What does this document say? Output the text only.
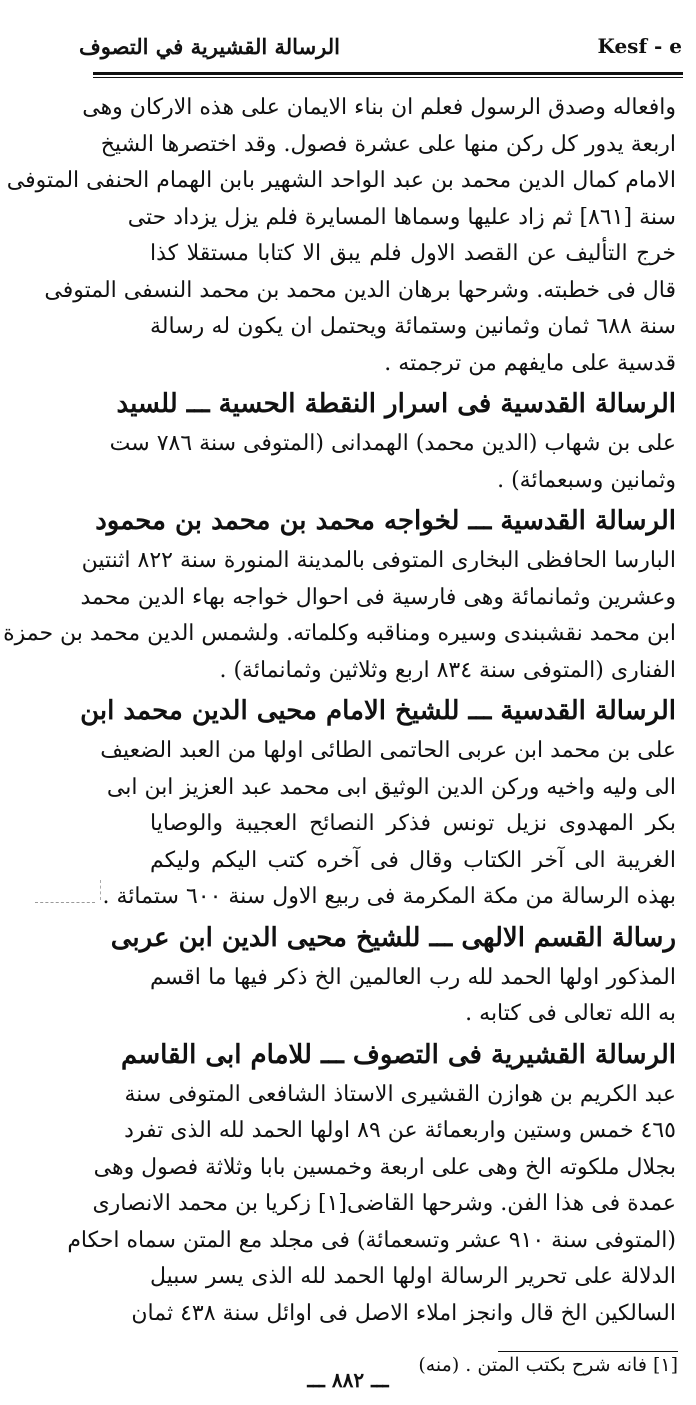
الرسالة القشيرية في التصوف	Kesf - e
وافعاله وصدق الرسول فعلم ان بناء الايمان على هذه الاركان وهى
اربعة يدور كل ركن منها على عشرة فصول. وقد اختصرها الشيخ
الامام كمال الدين محمد بن عبد الواحد الشهير بابن الهمام الحنفى المتوفى
سنة [٨٦١] ثم زاد عليها وسماها المسايرة فلم يزل يزداد حتى
خرج التأليف عن القصد الاول فلم يبق الا كتابا مستقلا كذا
قال فى خطبته. وشرحها برهان الدين محمد بن محمد النسفى المتوفى
سنة ٦٨٨ ثمان وثمانين وستمائة ويحتمل ان يكون له رسالة
قدسية على مايفهم من ترجمته .
الرسالة القدسية فى اسرار النقطة الحسية ـــ للسيد
على بن شهاب (الدين محمد) الهمدانى (المتوفى سنة ٧٨٦ ست
وثمانين وسبعمائة) .
الرسالة القدسية ـــ لخواجه محمد بن محمد بن محمود
البارسا الحافظى البخارى المتوفى بالمدينة المنورة سنة ٨٢٢ اثنتين
وعشرين وثمانمائة وهى فارسية فى احوال خواجه بهاء الدين محمد
ابن محمد نقشبندى وسيره ومناقبه وكلماته. ولشمس الدين محمد بن حمزة
الفنارى (المتوفى سنة ٨٣٤ اربع وثلاثين وثمانمائة) .
الرسالة القدسية ـــ للشيخ الامام محيى الدين محمد ابن
على بن محمد ابن عربى الحاتمى الطائى اولها من العبد الضعيف
الى وليه واخيه وركن الدين الوثيق ابى محمد عبد العزيز ابن ابى
بكر المهدوى نزيل تونس فذكر النصائح العجيبة والوصايا
الغريبة الى آخر الكتاب وقال فى آخره كتب اليكم وليكم
بهذه الرسالة من مكة المكرمة فى ربيع الاول سنة ٦٠٠ ستمائة .
رسالة القسم الالهى ـــ للشيخ محيى الدين ابن عربى
المذكور اولها الحمد لله رب العالمين الخ ذكر فيها ما اقسم
به الله تعالى فى كتابه .
الرسالة القشيرية فى التصوف ـــ للامام ابى القاسم
عبد الكريم بن هوازن القشيرى الاستاذ الشافعى المتوفى سنة
٤٦٥ خمس وستين واربعمائة عن ٨٩ اولها الحمد لله الذى تفرد
بجلال ملكوته الخ وهى على اربعة وخمسين بابا وثلاثة فصول وهى
عمدة فى هذا الفن. وشرحها القاضى[١] زكريا بن محمد الانصارى
(المتوفى سنة ٩١٠ عشر وتسعمائة) فى مجلد مع المتن سماه احكام
الدلالة على تحرير الرسالة اولها الحمد لله الذى يسر سبيل
السالكين الخ قال وانجز املاء الاصل فى اوائل سنة ٤٣٨ ثمان
[١] فانه شرح بكتب المتن . (منه)
ـــ ٨٨٢ ـــ
